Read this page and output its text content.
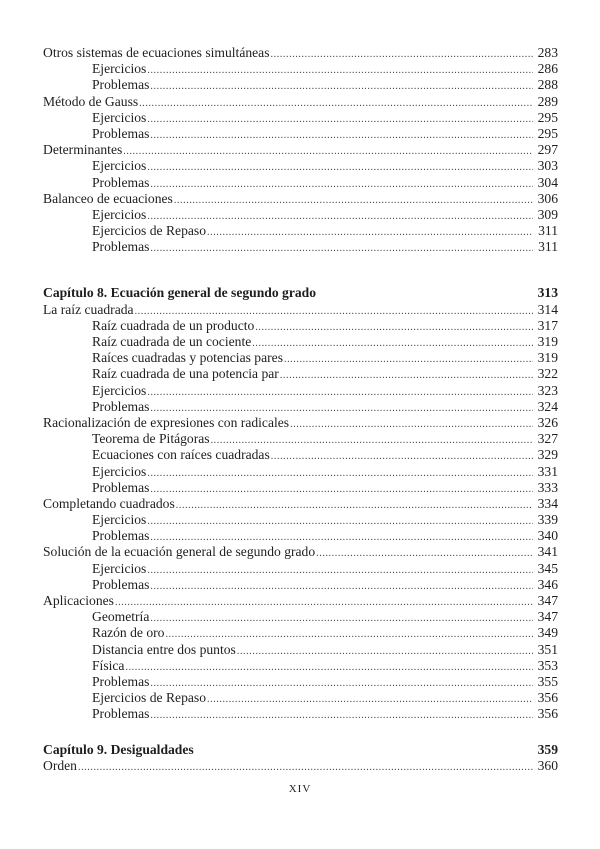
Otros sistemas de ecuaciones simultáneas .....	283
Ejercicios .....	286
Problemas .....	288
Método de Gauss .....	289
Ejercicios .....	295
Problemas .....	295
Determinantes .....	297
Ejercicios .....	303
Problemas .....	304
Balanceo de ecuaciones .....	306
Ejercicios .....	309
Ejercicios de Repaso .....	311
Problemas .....	311
Capítulo 8. Ecuación general de segundo grado	313
La raíz cuadrada .....	314
Raíz cuadrada de un producto .....	317
Raíz cuadrada de un cociente .....	319
Raíces cuadradas y potencias pares .....	319
Raíz cuadrada de una potencia par .....	322
Ejercicios .....	323
Problemas .....	324
Racionalización de expresiones con radicales .....	326
Teorema de Pitágoras .....	327
Ecuaciones con raíces cuadradas .....	329
Ejercicios .....	331
Problemas .....	333
Completando cuadrados .....	334
Ejercicios .....	339
Problemas .....	340
Solución de la ecuación general de segundo grado .....	341
Ejercicios .....	345
Problemas .....	346
Aplicaciones .....	347
Geometría .....	347
Razón de oro .....	349
Distancia entre dos puntos .....	351
Física .....	353
Problemas .....	355
Ejercicios de Repaso .....	356
Problemas .....	356
Capítulo 9. Desigualdades	359
Orden .....	360
XIV
